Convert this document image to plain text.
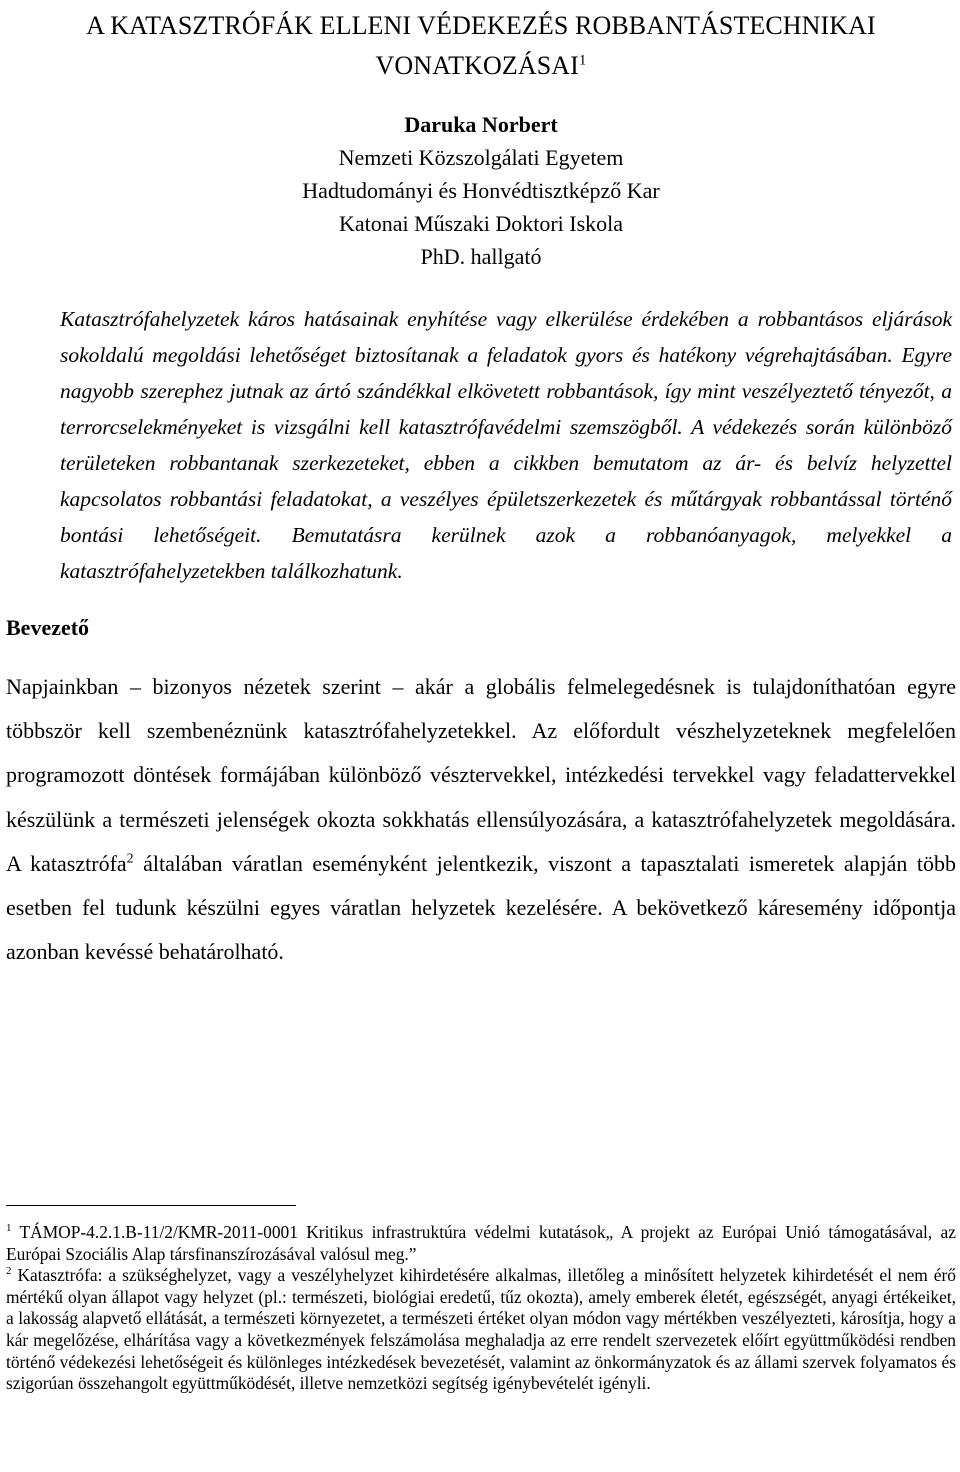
A KATASZTRÓFÁK ELLENI VÉDEKEZÉS ROBBANTÁSTECHNIKAI
VONATKOZÁSAI$^1$
Daruka Norbert
Nemzeti Közszolgálati Egyetem
Hadtudományi és Honvédtisztképző Kar
Katonai Műszaki Doktori Iskola
PhD. hallgató

Katasztrófahelyzetek káros hatásainak enyhítése vagy elkerülése érdekében a robbantásos eljárások sokoldalú megoldási lehetőséget biztosítanak a feladatok gyors és hatékony végrehajtásában. Egyre nagyobb szerephez jutnak az ártó szándékkal elkövetett robbantások, így mint veszélyeztető tényezőt, a terrorcselekményeket is vizsgálni kell katasztrófavédelmi szemszögből. A védekezés során különböző területeken robbantanak szerkezeteket, ebben a cikkben bemutatom az ár- és belvíz helyzettel kapcsolatos robbantási feladatokat, a veszélyes épületszerkezetek és műtárgyak robbantással történő bontási lehetőségeit. Bemutatásra kerülnek azok a robbanóanyagok, melyekkel a katasztrófahelyzetekben találkozhatunk.

Bevezető

Napjainkban – bizonyos nézetek szerint – akár a globális felmelegedésnek is tulajdoníthatóan egyre többször kell szembenéznünk katasztrófahelyzetekkel. Az előfordult vészhelyzeteknek megfelelően programozott döntések formájában különböző vésztervekkel, intézkedési tervekkel vagy feladattervekkel készülünk a természeti jelenségek okozta sokkhatás ellensúlyozására, a katasztrófahelyzetek megoldására. A katasztrófa$^2$ általában váratlan eseményként jelentkezik, viszont a tapasztalati ismeretek alapján több esetben fel tudunk készülni egyes váratlan helyzetek kezelésére. A bekövetkező káresemény időpontja azonban kevéssé behatárolható.

$^1$ TÁMOP-4.2.1.B-11/2/KMR-2011-0001 Kritikus infrastruktúra védelmi kutatások„ A projekt az Európai Unió támogatásával, az Európai Szociális Alap társfinanszírozásával valósul meg.”

$^2$ Katasztrófa: a szükséghelyzet, vagy a veszélyhelyzet kihirdetésére alkalmas, illetőleg a minősített helyzetek kihirdetését el nem érő mértékű olyan állapot vagy helyzet (pl.: természeti, biológiai eredetű, tűz okozta), amely emberek életét, egészségét, anyagi értékeiket, a lakosság alapvető ellátását, a természeti környezetet, a természeti értéket olyan módon vagy mértékben veszélyezteti, károsítja, hogy a kár megelőzése, elhárítása vagy a következmények felszámolása meghaladja az erre rendelt szervezetek előírt együttműködési rendben történő védekezési lehetőségeit és különleges intézkedések bevezetését, valamint az önkormányzatok és az állami szervek folyamatos és szigorúan összehangolt együttműködését, illetve nemzetközi segítség igénybevételét igényli.
